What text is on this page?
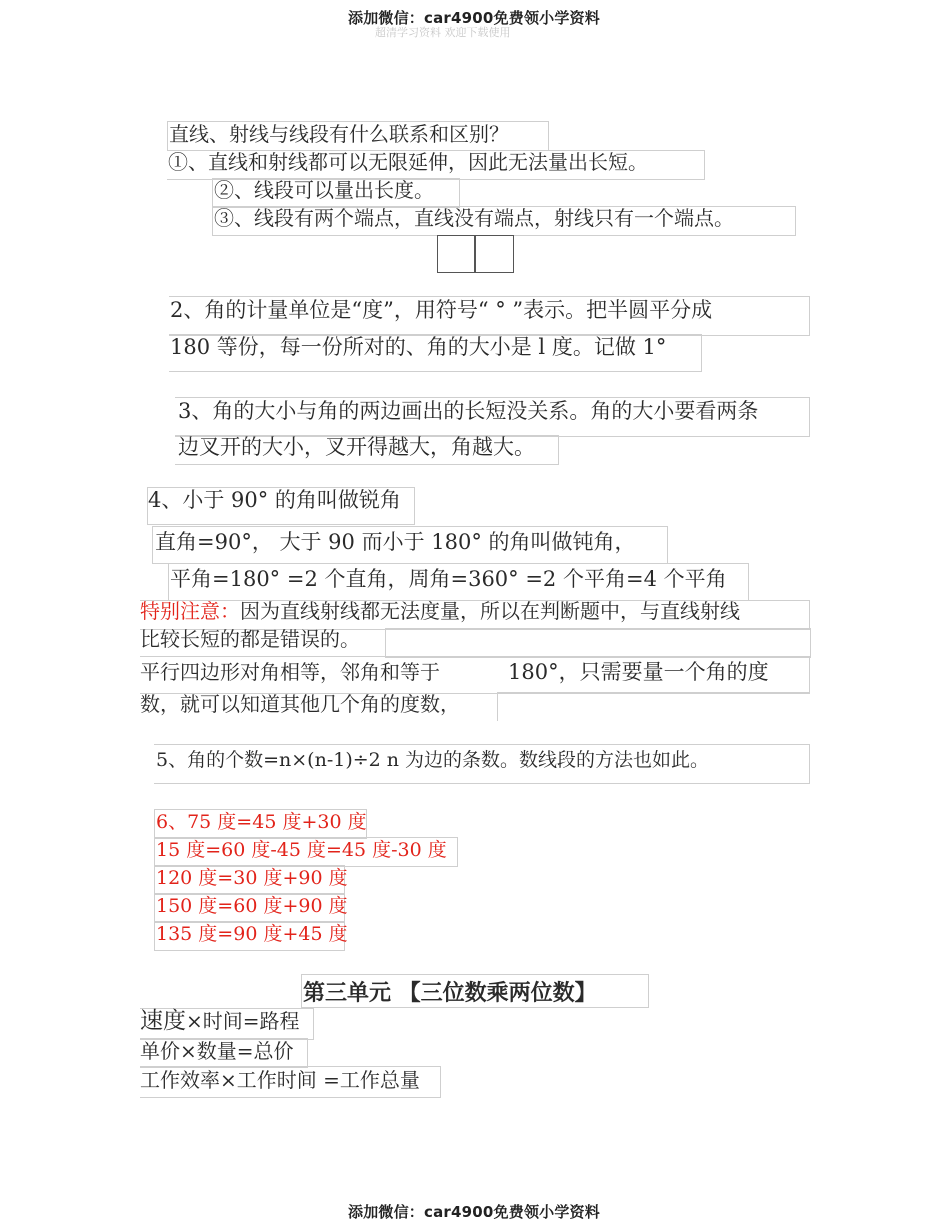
添加微信：car4900免费领小学资料
超清学习资料 欢迎下载使用
添加微信：car4900免费领小学资料
直线、射线与线段有什么联系和区别？
①、直线和射线都可以无限延伸，因此无法量出长短。
②、线段可以量出长度。
③、线段有两个端点，直线没有端点，射线只有一个端点。
2、角的计量单位是“度”，用符号“ ° ”表示。把半圆平分成
180 等份，每一份所对的、角的大小是 l 度。记做 1°
3、角的大小与角的两边画出的长短没关系。角的大小要看两条
边叉开的大小，叉开得越大，角越大。
4、小于 90° 的角叫做锐角
直角=90°， 大于 90 而小于 180° 的角叫做钝角，
平角=180° =2 个直角，周角=360° =2 个平角=4 个平角
特别注意：因为直线射线都无法度量，所以在判断题中，与直线射线
比较长短的都是错误的。
平行四边形对角相等，邻角和等于	180°，只需要量一个角的度
数，就可以知道其他几个角的度数，
5、角的个数=n×(n-1)÷2 n 为边的条数。数线段的方法也如此。
6、75 度=45 度+30 度
15 度=60 度-45 度=45 度-30 度
120 度=30 度+90 度
150 度=60 度+90 度
135 度=90 度+45 度
第三单元 【三位数乘两位数】
速度×时间=路程
单价×数量=总价
工作效率×工作时间 =工作总量
